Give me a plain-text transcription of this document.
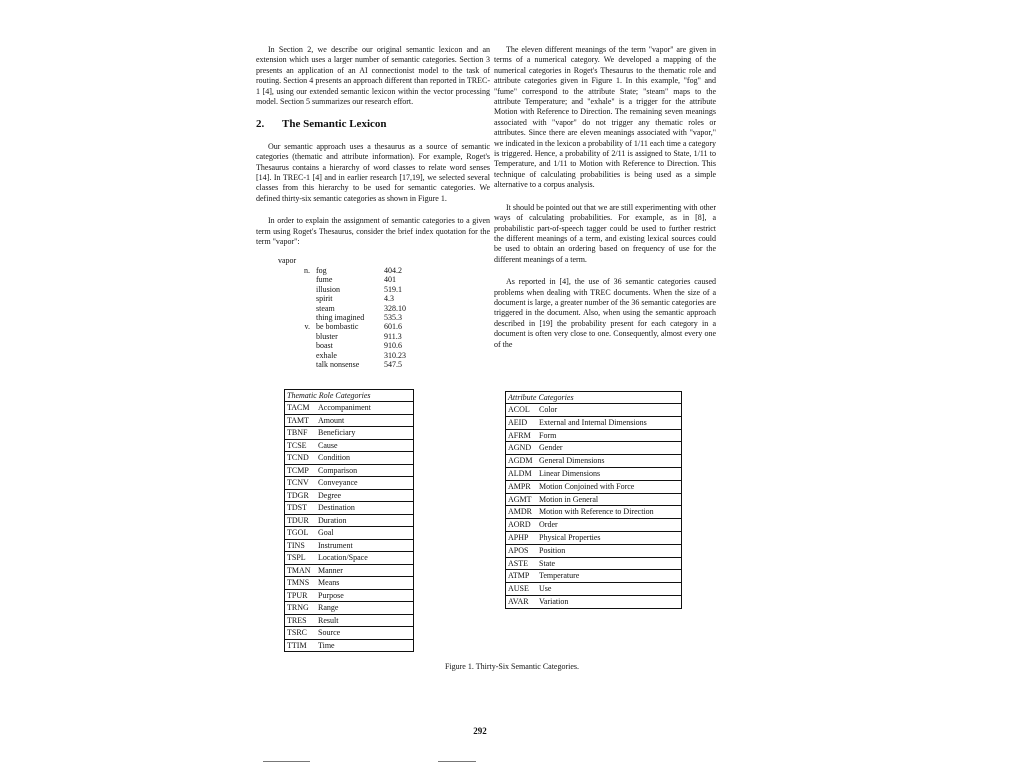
In Section 2, we describe our original semantic lexicon and an extension which uses a larger number of semantic categories. Section 3 presents an application of an AI connectionist model to the task of routing. Section 4 presents an approach different than reported in TREC-1 [4], using our extended semantic lexicon within the vector processing model. Section 5 summarizes our research effort.

2. The Semantic Lexicon

Our semantic approach uses a thesaurus as a source of semantic categories (thematic and attribute information). For example, Roget's Thesaurus contains a hierarchy of word classes to relate word senses [14]. In TREC-1 [4] and in earlier research [17,19], we selected several classes from this hierarchy to be used for semantic categories. We defined thirty-six semantic categories as shown in Figure 1.

In order to explain the assignment of semantic categories to a given term using Roget's Thesaurus, consider the brief index quotation for the term "vapor":

vapor
n. fog	404.2
fume	401
illusion	519.1
spirit	4.3
steam	328.10
thing imagined	535.3
v. be bombastic	601.6
bluster	911.3
boast	910.6
exhale	310.23
talk nonsense	547.5

The eleven different meanings of the term "vapor" are given in terms of a numerical category. We developed a mapping of the numerical categories in Roget's Thesaurus to the thematic role and attribute categories given in Figure 1. In this example, "fog" and "fume" correspond to the attribute State; "steam" maps to the attribute Temperature; and "exhale" is a trigger for the attribute Motion with Reference to Direction. The remaining seven meanings associated with "vapor" do not trigger any thematic roles or attributes. Since there are eleven meanings associated with "vapor," we indicated in the lexicon a probability of 1/11 each time a category is triggered. Hence, a probability of 2/11 is assigned to State, 1/11 to Temperature, and 1/11 to Motion with Reference to Direction. This technique of calculating probabilities is being used as a simple alternative to a corpus analysis.

It should be pointed out that we are still experimenting with other ways of calculating probabilities. For example, as in [8], a probabilistic part-of-speech tagger could be used to further restrict the different meanings of a term, and existing lexical sources could be used to obtain an ordering based on frequency of use for the different meanings of a term.

As reported in [4], the use of 36 semantic categories caused problems when dealing with TREC documents. When the size of a document is large, a greater number of the 36 semantic categories are triggered in the document. Also, when using the semantic approach described in [19] the probability present for each category in a document is often very close to one. Consequently, almost every one of the

Thematic Role Categories
TACM	Accompaniment
TAMT	Amount
TBNF	Beneficiary
TCSE	Cause
TCND	Condition
TCMP	Comparison
TCNV	Conveyance
TDGR	Degree
TDST	Destination
TDUR	Duration
TGOL	Goal
TINS	Instrument
TSPL	Location/Space
TMAN Manner
TMNS	Means
TPUR	Purpose
TRNG	Range
TRES	Result
TSRC	Source
TTIM	Time
Attribute Categories
ACOL	Color
AEID	External and Internal Dimensions
AFRM	Form
AGND Gender
AGDM General Dimensions
ALDM Linear Dimensions
AMPR	Motion Conjoined with Force
AGMT Motion in General
AMDR Motion with Reference to Direction
AORD	Order
APHP	Physical Properties
APOS	Position
ASTE	State
ATMP	Temperature
AUSE	Use
AVAR	Variation
Figure 1. Thirty-Six Semantic Categories.
292
